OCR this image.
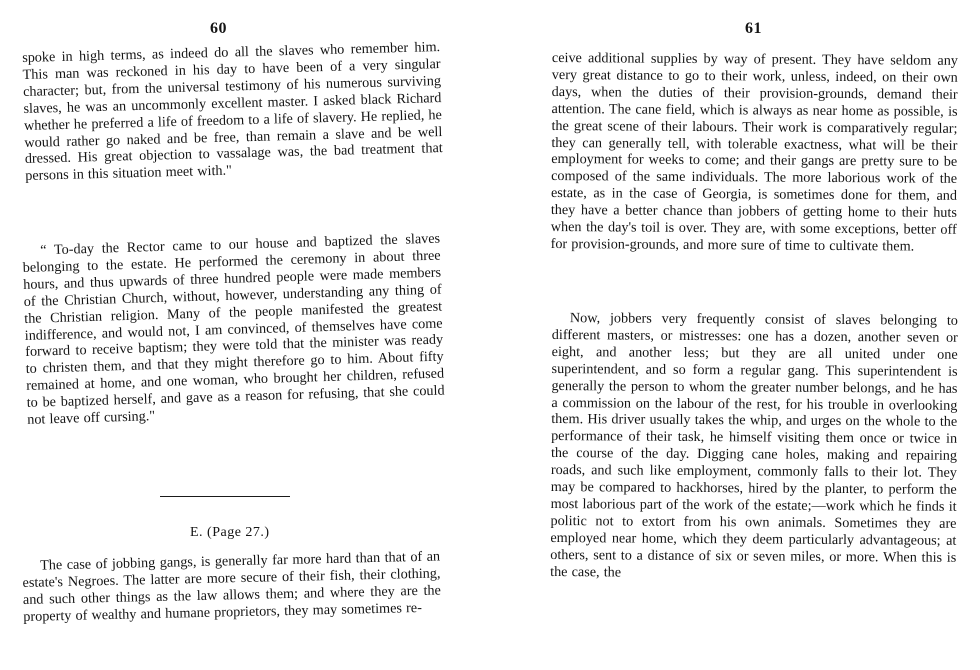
60

spoke in high terms, as indeed do all the slaves who remember him. This man was reckoned in his day to have been of a very singular character; but, from the universal testimony of his numerous surviving slaves, he was an uncommonly excellent master. I asked black Richard whether he preferred a life of freedom to a life of slavery. He replied, he would rather go naked and be free, than remain a slave and be well dressed. His great objection to vassalage was, the bad treatment that persons in this situation meet with."

“ To-day the Rector came to our house and baptized the slaves belonging to the estate. He performed the ceremony in about three hours, and thus upwards of three hundred people were made members of the Christian Church, without, however, understanding any thing of the Christian religion. Many of the people manifested the greatest indifference, and would not, I am convinced, of themselves have come forward to receive baptism; they were told that the minister was ready to christen them, and that they might therefore go to him. About fifty remained at home, and one woman, who brought her children, refused to be baptized herself, and gave as a reason for refusing, that she could not leave off cursing."

E. (Page 27.)

The case of jobbing gangs, is generally far more hard than that of an estate's Negroes. The latter are more secure of their fish, their clothing, and such other things as the law allows them; and where they are the property of wealthy and humane proprietors, they may sometimes re-

61

ceive additional supplies by way of present. They have seldom any very great distance to go to their work, unless, indeed, on their own days, when the duties of their provision-grounds, demand their attention. The cane field, which is always as near home as possible, is the great scene of their labours. Their work is comparatively regular; they can generally tell, with tolerable exactness, what will be their employment for weeks to come; and their gangs are pretty sure to be composed of the same individuals. The more laborious work of the estate, as in the case of Georgia, is sometimes done for them, and they have a better chance than jobbers of getting home to their huts when the day's toil is over. They are, with some exceptions, better off for provision-grounds, and more sure of time to cultivate them.

Now, jobbers very frequently consist of slaves belonging to different masters, or mistresses: one has a dozen, another seven or eight, and another less; but they are all united under one superintendent, and so form a regular gang. This superintendent is generally the person to whom the greater number belongs, and he has a commission on the labour of the rest, for his trouble in overlooking them. His driver usually takes the whip, and urges on the whole to the performance of their task, he himself visiting them once or twice in the course of the day. Digging cane holes, making and repairing roads, and such like employment, commonly falls to their lot. They may be compared to hackhorses, hired by the planter, to perform the most laborious part of the work of the estate;—work which he finds it politic not to extort from his own animals. Sometimes they are employed near home, which they deem particularly advantageous; at others, sent to a distance of six or seven miles, or more. When this is the case, the
